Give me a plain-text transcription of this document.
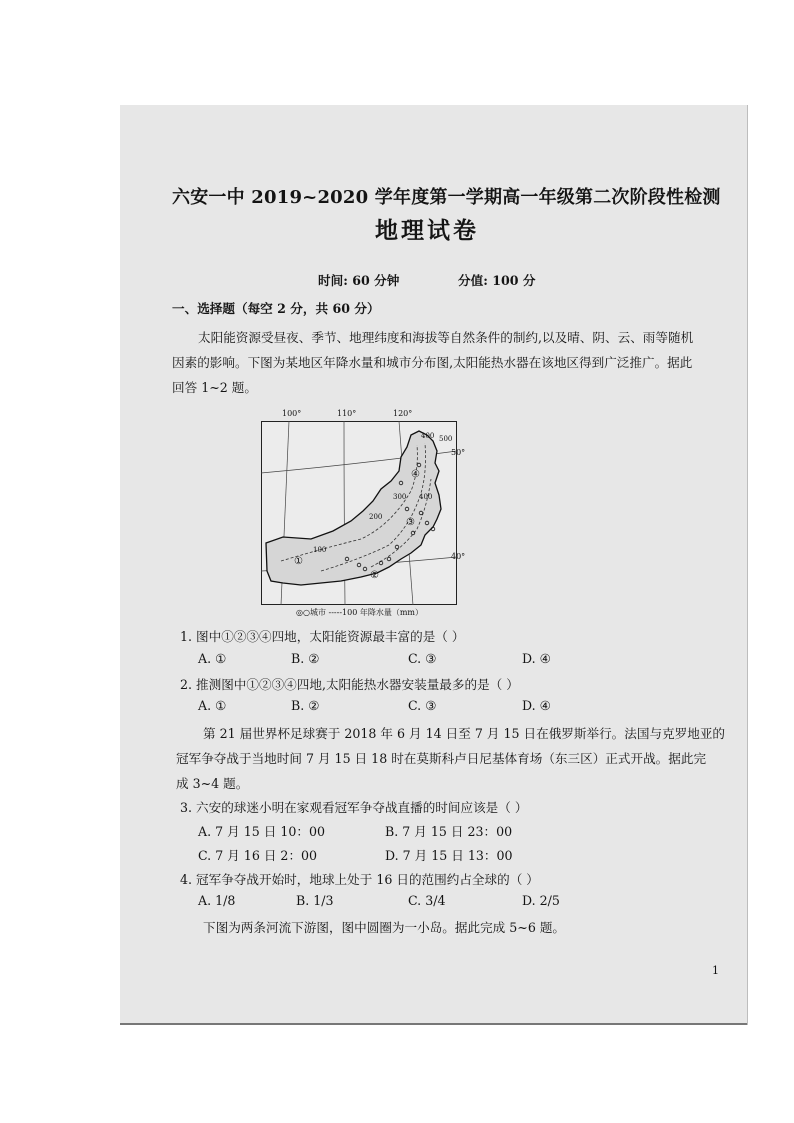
六安一中 2019~2020 学年度第一学期高一年级第二次阶段性检测
地理试卷
时间: 60 分钟	分值: 100 分
一、选择题（每空 2 分，共 60 分）
太阳能资源受昼夜、季节、地理纬度和海拔等自然条件的制约,以及晴、阴、云、雨等随机
因素的影响。下图为某地区年降水量和城市分布图,太阳能热水器在该地区得到广泛推广。据此
回答 1~2 题。
100°	110°	120°
100
200
300 400
400 500
①
②
③
④
50°
40°
◎○城市 -----100 年降水量（mm）
1. 图中①②③④四地，太阳能资源最丰富的是（ ）
A. ①	B. ②	C. ③	D. ④
2. 推测图中①②③④四地,太阳能热水器安装量最多的是（ ）
A. ①	B. ②	C. ③	D. ④
第 21 届世界杯足球赛于 2018 年 6 月 14 日至 7 月 15 日在俄罗斯举行。法国与克罗地亚的
冠军争夺战于当地时间 7 月 15 日 18 时在莫斯科卢日尼基体育场（东三区）正式开战。据此完
成 3~4 题。
3. 六安的球迷小明在家观看冠军争夺战直播的时间应该是（ ）
A. 7 月 15 日 10：00	B. 7 月 15 日 23：00
C. 7 月 16 日 2：00	D. 7 月 15 日 13：00
4. 冠军争夺战开始时，地球上处于 16 日的范围约占全球的（ ）
A. 1/8	B. 1/3	C. 3/4	D. 2/5
下图为两条河流下游图，图中圆圈为一小岛。据此完成 5~6 题。
1
